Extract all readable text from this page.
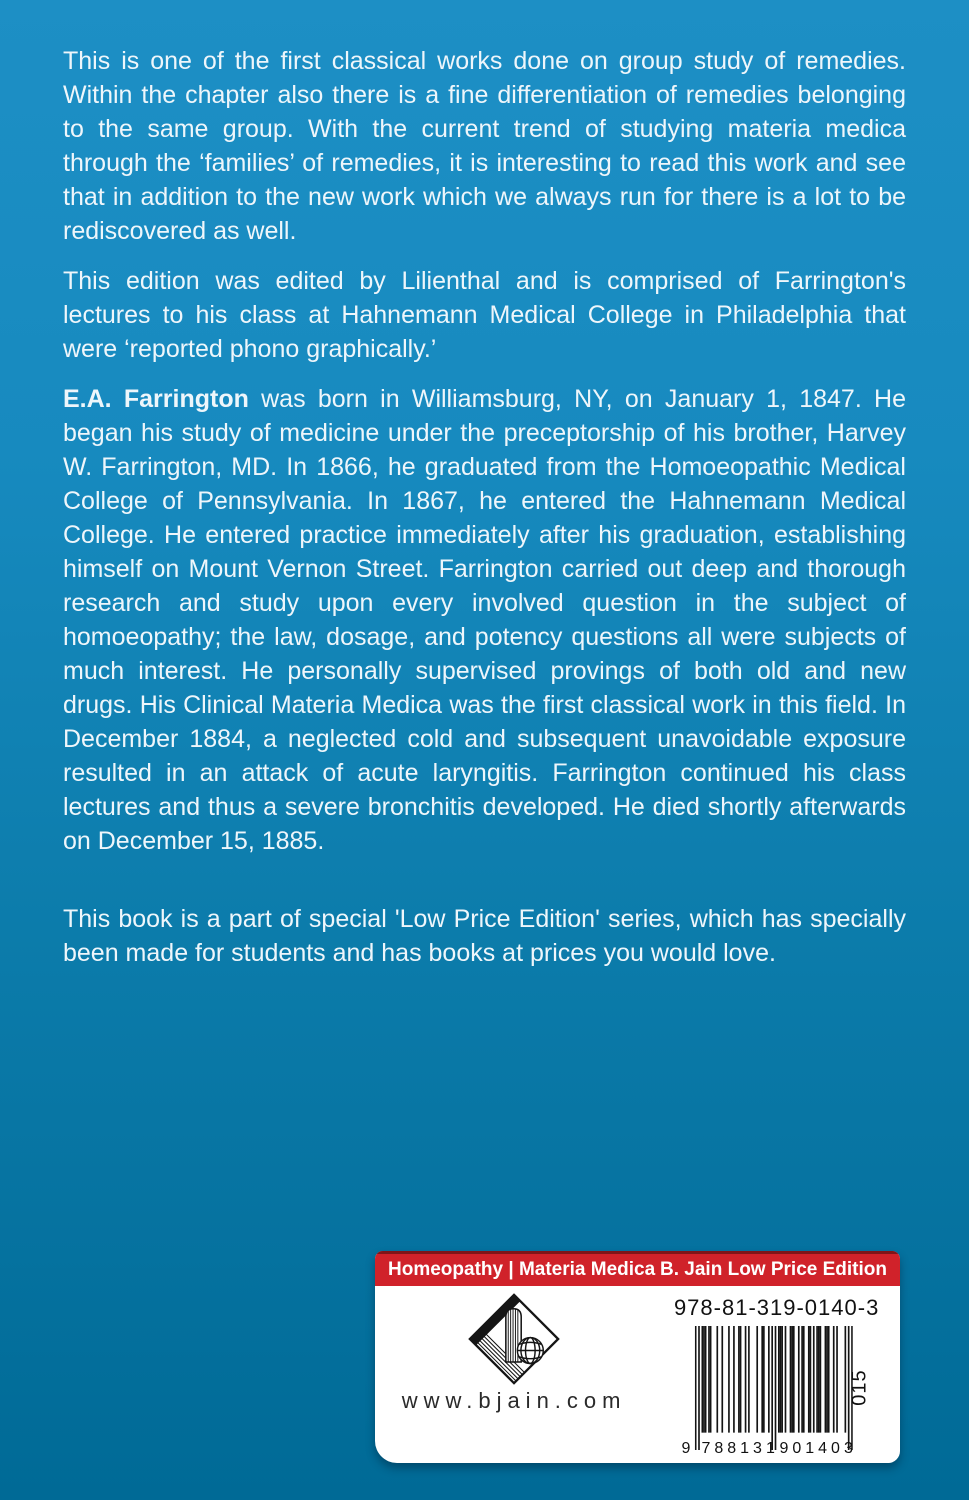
This is one of the first classical works done on group study of remedies. Within the chapter also there is a fine differentiation of remedies belonging to the same group. With the current trend of studying materia medica through the ‘families’ of remedies, it is interesting to read this work and see that in addition to the new work which we always run for there is a lot to be rediscovered as well.

This edition was edited by Lilienthal and is comprised of Farrington's lectures to his class at Hahnemann Medical College in Philadelphia that were ‘reported phono graphically.’

E.A. Farrington was born in Williamsburg, NY, on January 1, 1847. He began his study of medicine under the preceptorship of his brother, Harvey W. Farrington, MD. In 1866, he graduated from the Homoeopathic Medical College of Pennsylvania. In 1867, he entered the Hahnemann Medical College. He entered practice immediately after his graduation, establishing himself on Mount Vernon Street. Farrington carried out deep and thorough research and study upon every involved question in the subject of homoeopathy; the law, dosage, and potency questions all were subjects of much interest. He personally supervised provings of both old and new drugs. His Clinical Materia Medica was the first classical work in this field. In December 1884, a neglected cold and subsequent unavoidable exposure resulted in an attack of acute laryngitis. Farrington continued his class lectures and thus a severe bronchitis developed. He died shortly afterwards on December 15, 1885.

This book is a part of special 'Low Price Edition' series, which has specially been made for students and has books at prices you would love.

Homeopathy | Materia Medica B. Jain Low Price Edition
www.bjain.com
978-81-319-0140-3
9 788131 901403
015
